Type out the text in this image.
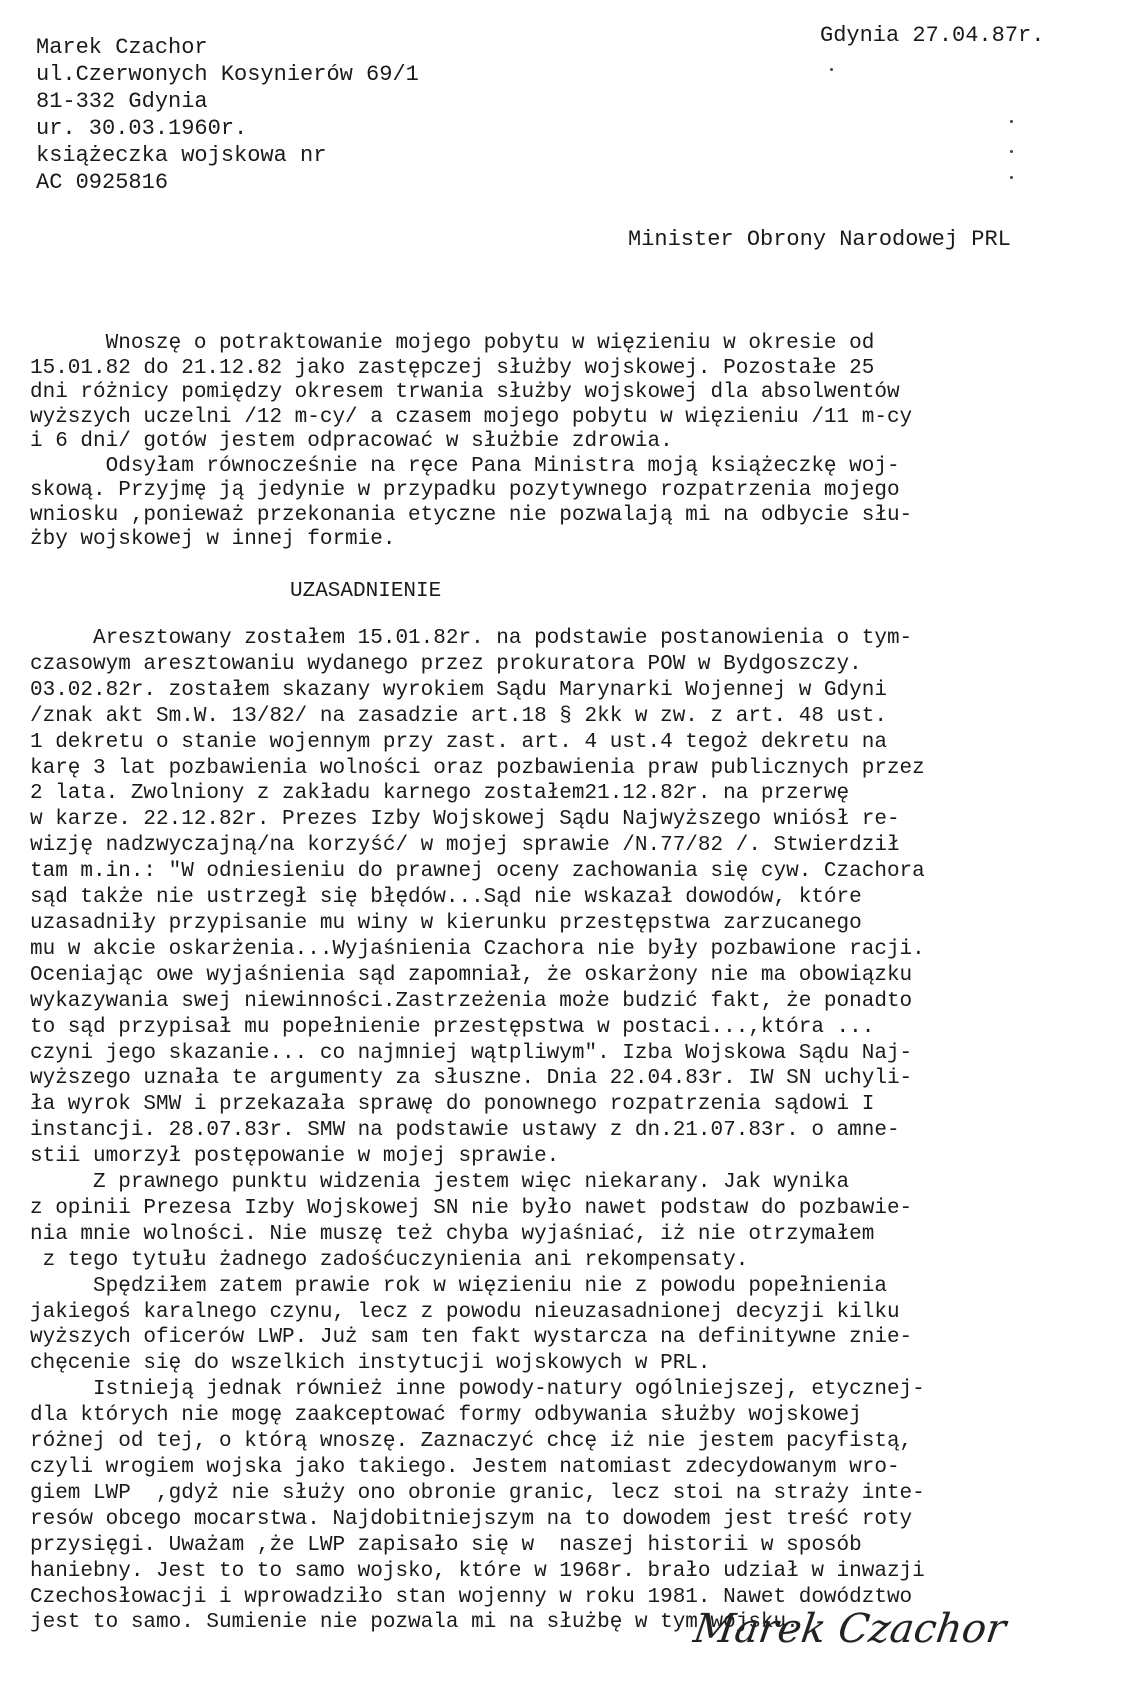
Marek Czachor
ul.Czerwonych Kosynierów 69/1
81-332 Gdynia
ur. 30.03.1960r.
książeczka wojskowa nr
AC 0925816
Gdynia 27.04.87r.
Minister Obrony Narodowej PRL
Wnoszę o potraktowanie mojego pobytu w więzieniu w okresie od
15.01.82 do 21.12.82 jako zastępczej służby wojskowej. Pozostałe 25
dni różnicy pomiędzy okresem trwania służby wojskowej dla absolwentów
wyższych uczelni /12 m-cy/ a czasem mojego pobytu w więzieniu /11 m-cy
i 6 dni/ gotów jestem odpracować w służbie zdrowia.
Odsyłam równocześnie na ręce Pana Ministra moją książeczkę woj-
skową. Przyjmę ją jedynie w przypadku pozytywnego rozpatrzenia mojego
wniosku ,ponieważ przekonania etyczne nie pozwalają mi na odbycie słu-
żby wojskowej w innej formie.
UZASADNIENIE
Aresztowany zostałem 15.01.82r. na podstawie postanowienia o tym-
czasowym aresztowaniu wydanego przez prokuratora POW w Bydgoszczy.
03.02.82r. zostałem skazany wyrokiem Sądu Marynarki Wojennej w Gdyni
/znak akt Sm.W. 13/82/ na zasadzie art.18 § 2kk w zw. z art. 48 ust.
1 dekretu o stanie wojennym przy zast. art. 4 ust.4 tegoż dekretu na
karę 3 lat pozbawienia wolności oraz pozbawienia praw publicznych przez
2 lata. Zwolniony z zakładu karnego zostałem21.12.82r. na przerwę
w karze. 22.12.82r. Prezes Izby Wojskowej Sądu Najwyższego wniósł re-
wizję nadzwyczajną/na korzyść/ w mojej sprawie /N.77/82 /. Stwierdził
tam m.in.: "W odniesieniu do prawnej oceny zachowania się cyw. Czachora
sąd także nie ustrzegł się błędów...Sąd nie wskazał dowodów, które
uzasadniły przypisanie mu winy w kierunku przestępstwa zarzucanego
mu w akcie oskarżenia...Wyjaśnienia Czachora nie były pozbawione racji.
Oceniając owe wyjaśnienia sąd zapomniał, że oskarżony nie ma obowiązku
wykazywania swej niewinności.Zastrzeżenia może budzić fakt, że ponadto
to sąd przypisał mu popełnienie przestępstwa w postaci...,która ...
czyni jego skazanie... co najmniej wątpliwym". Izba Wojskowa Sądu Naj-
wyższego uznała te argumenty za słuszne. Dnia 22.04.83r. IW SN uchyli-
ła wyrok SMW i przekazała sprawę do ponownego rozpatrzenia sądowi I
instancji. 28.07.83r. SMW na podstawie ustawy z dn.21.07.83r. o amne-
stii umorzył postępowanie w mojej sprawie.
Z prawnego punktu widzenia jestem więc niekarany. Jak wynika
z opinii Prezesa Izby Wojskowej SN nie było nawet podstaw do pozbawie-
nia mnie wolności. Nie muszę też chyba wyjaśniać, iż nie otrzymałem
z tego tytułu żadnego zadośćuczynienia ani rekompensaty.
Spędziłem zatem prawie rok w więzieniu nie z powodu popełnienia
jakiegoś karalnego czynu, lecz z powodu nieuzasadnionej decyzji kilku
wyższych oficerów LWP. Już sam ten fakt wystarcza na definitywne znie-
chęcenie się do wszelkich instytucji wojskowych w PRL.
Istnieją jednak również inne powody-natury ogólniejszej, etycznej-
dla których nie mogę zaakceptować formy odbywania służby wojskowej
różnej od tej, o którą wnoszę. Zaznaczyć chcę iż nie jestem pacyfistą,
czyli wrogiem wojska jako takiego. Jestem natomiast zdecydowanym wro-
giem LWP  ,gdyż nie służy ono obronie granic, lecz stoi na straży inte-
resów obcego mocarstwa. Najdobitniejszym na to dowodem jest treść roty
przysięgi. Uważam ,że LWP zapisało się w  naszej historii w sposób
haniebny. Jest to to samo wojsko, które w 1968r. brało udział w inwazji
Czechosłowacji i wprowadziło stan wojenny w roku 1981. Nawet dowództwo
jest to samo. Sumienie nie pozwala mi na służbę w tym wojsku.
Marek Czachor
